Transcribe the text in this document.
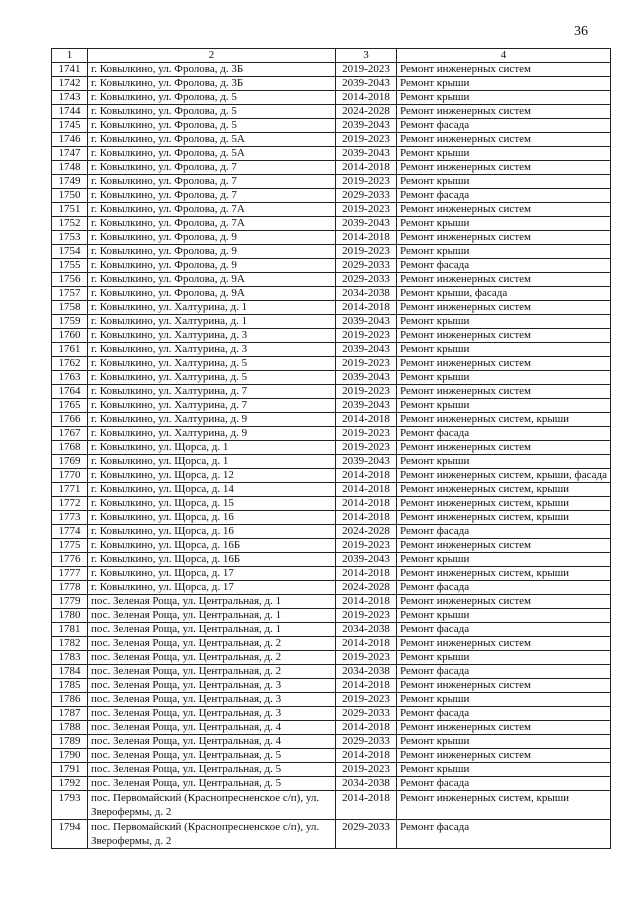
36
1	2	3	4
1741	г. Ковылкино, ул. Фролова, д. 3Б	2019-2023	Ремонт инженерных систем
1742	г. Ковылкино, ул. Фролова, д. 3Б	2039-2043	Ремонт крыши
1743	г. Ковылкино, ул. Фролова, д. 5	2014-2018	Ремонт крыши
1744	г. Ковылкино, ул. Фролова, д. 5	2024-2028	Ремонт инженерных систем
1745	г. Ковылкино, ул. Фролова, д. 5	2039-2043	Ремонт фасада
1746	г. Ковылкино, ул. Фролова, д. 5А	2019-2023	Ремонт инженерных систем
1747	г. Ковылкино, ул. Фролова, д. 5А	2039-2043	Ремонт крыши
1748	г. Ковылкино, ул. Фролова, д. 7	2014-2018	Ремонт инженерных систем
1749	г. Ковылкино, ул. Фролова, д. 7	2019-2023	Ремонт крыши
1750	г. Ковылкино, ул. Фролова, д. 7	2029-2033	Ремонт фасада
1751	г. Ковылкино, ул. Фролова, д. 7А	2019-2023	Ремонт инженерных систем
1752	г. Ковылкино, ул. Фролова, д. 7А	2039-2043	Ремонт крыши
1753	г. Ковылкино, ул. Фролова, д. 9	2014-2018	Ремонт инженерных систем
1754	г. Ковылкино, ул. Фролова, д. 9	2019-2023	Ремонт крыши
1755	г. Ковылкино, ул. Фролова, д. 9	2029-2033	Ремонт фасада
1756	г. Ковылкино, ул. Фролова, д. 9А	2029-2033	Ремонт инженерных систем
1757	г. Ковылкино, ул. Фролова, д. 9А	2034-2038	Ремонт крыши, фасада
1758	г. Ковылкино, ул. Халтурина, д. 1	2014-2018	Ремонт инженерных систем
1759	г. Ковылкино, ул. Халтурина, д. 1	2039-2043	Ремонт крыши
1760	г. Ковылкино, ул. Халтурина, д. 3	2019-2023	Ремонт инженерных систем
1761	г. Ковылкино, ул. Халтурина, д. 3	2039-2043	Ремонт крыши
1762	г. Ковылкино, ул. Халтурина, д. 5	2019-2023	Ремонт инженерных систем
1763	г. Ковылкино, ул. Халтурина, д. 5	2039-2043	Ремонт крыши
1764	г. Ковылкино, ул. Халтурина, д. 7	2019-2023	Ремонт инженерных систем
1765	г. Ковылкино, ул. Халтурина, д. 7	2039-2043	Ремонт крыши
1766	г. Ковылкино, ул. Халтурина, д. 9	2014-2018	Ремонт инженерных систем, крыши
1767	г. Ковылкино, ул. Халтурина, д. 9	2019-2023	Ремонт фасада
1768	г. Ковылкино, ул. Щорса, д. 1	2019-2023	Ремонт инженерных систем
1769	г. Ковылкино, ул. Щорса, д. 1	2039-2043	Ремонт крыши
1770	г. Ковылкино, ул. Щорса, д. 12	2014-2018	Ремонт инженерных систем, крыши, фасада
1771	г. Ковылкино, ул. Щорса, д. 14	2014-2018	Ремонт инженерных систем, крыши
1772	г. Ковылкино, ул. Щорса, д. 15	2014-2018	Ремонт инженерных систем, крыши
1773	г. Ковылкино, ул. Щорса, д. 16	2014-2018	Ремонт инженерных систем, крыши
1774	г. Ковылкино, ул. Щорса, д. 16	2024-2028	Ремонт фасада
1775	г. Ковылкино, ул. Щорса, д. 16Б	2019-2023	Ремонт инженерных систем
1776	г. Ковылкино, ул. Щорса, д. 16Б	2039-2043	Ремонт крыши
1777	г. Ковылкино, ул. Щорса, д. 17	2014-2018	Ремонт инженерных систем, крыши
1778	г. Ковылкино, ул. Щорса, д. 17	2024-2028	Ремонт фасада
1779	пос. Зеленая Роща, ул. Центральная, д. 1	2014-2018	Ремонт инженерных систем
1780	пос. Зеленая Роща, ул. Центральная, д. 1	2019-2023	Ремонт крыши
1781	пос. Зеленая Роща, ул. Центральная, д. 1	2034-2038	Ремонт фасада
1782	пос. Зеленая Роща, ул. Центральная, д. 2	2014-2018	Ремонт инженерных систем
1783	пос. Зеленая Роща, ул. Центральная, д. 2	2019-2023	Ремонт крыши
1784	пос. Зеленая Роща, ул. Центральная, д. 2	2034-2038	Ремонт фасада
1785	пос. Зеленая Роща, ул. Центральная, д. 3	2014-2018	Ремонт инженерных систем
1786	пос. Зеленая Роща, ул. Центральная, д. 3	2019-2023	Ремонт крыши
1787	пос. Зеленая Роща, ул. Центральная, д. 3	2029-2033	Ремонт фасада
1788	пос. Зеленая Роща, ул. Центральная, д. 4	2014-2018	Ремонт инженерных систем
1789	пос. Зеленая Роща, ул. Центральная, д. 4	2029-2033	Ремонт крыши
1790	пос. Зеленая Роща, ул. Центральная, д. 5	2014-2018	Ремонт инженерных систем
1791	пос. Зеленая Роща, ул. Центральная, д. 5	2019-2023	Ремонт крыши
1792	пос. Зеленая Роща, ул. Центральная, д. 5	2034-2038	Ремонт фасада
1793	пос. Первомайский (Краснопресненское с/п), ул. Зверофермы, д. 2	2014-2018	Ремонт инженерных систем, крыши
1794	пос. Первомайский (Краснопресненское с/п), ул. Зверофермы, д. 2	2029-2033	Ремонт фасада
